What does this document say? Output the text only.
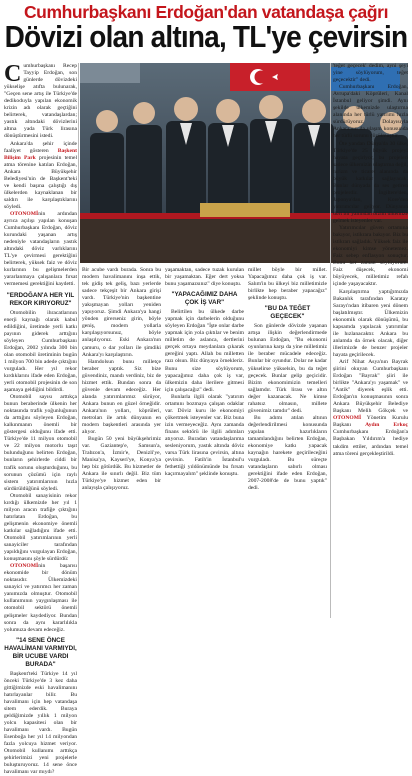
Cumhurbaşkanı Erdoğan'dan vatandaşa çağrı
Dövizi olan altına, TL'ye çevirsin

Cumhurbaşkanı Recep Tayyip Erdoğan, son günlerde dövizdeki yükselişe atıfta bulunarak, "Geçen sene artış ile Türkiye'de dedikoduyla yapılan ekonomik krizin adı olarak geçtiğini belirterek, vatandaşlardan; yastık altındaki dövizlerini altına yada Türk lirasına dönüştürmesini istedi.

Ankara'da şehir içinde faaliyet gösteren Başkent Bilişim Park projesinin temel atma törenine katılan Erdoğan, Ankara Büyükşehir Belediyesi'nin de Başkent'teki ve kendi başına çalıştığı dış ülkelerden kaynaklanan bir saldırı ile karşılaştıklarını söyledi.

OTONOMİnin ardından ayrıca açılışı yapılan konuşan Cumhurbaşkanı Erdoğan, döviz kurundaki yaşanan artış nedeniyle vatandaşların yastık altındaki döviz varlıklarını TL'ye çevirmesi gerektiğini belirterek, yüksek faiz ve döviz kurlarının bu gelişmelerden yararlanmaya çalışanlara fırsat vermemesi gerektiğini kaydetti.

"ERDOĞAN'A HER YIL REKOR KIRIYORUZ"

Otomobilin ihracatlarının enerji kaynağı olarak kabul edildiğini, üretimde yerli katkı payının giderek arttığını söyleyen Cumhurbaşkanı Erdoğan, 2002 yılında 300 bin olan otomobil üretiminin bugün 1 milyon 700 bin adede çıktığını vurguladı. Her yıl rekor kırdıklarını ifade eden Erdoğan, yerli otomobil projesinin de son aşamaya geldiğini bildirdi.

Otomobil sayısı arttıkça bunun beraberinde ülkenin her noktasında trafik yoğunluğunun da arttığını söyleyen Erdoğan, kalkınmanın önemli bir göstergesi olduğunu ifade etti. Türkiye'de 11 milyon otomobil ve 22 milyon motorlu taşıt bulunduğunu belirten Erdoğan, bunların şehirlerde ciddi bir trafik sorunu oluşturduğunu, bu sorunun çözümü için raylı sistem yatırımlarının hızla sürdürüldüğünü söyledi.

Otomobil sanayisinin rekor kırdığı ülkemizde her yıl 1 milyon aracın trafiğe çıktığını hatırlatan Erdoğan, bu gelişmenin ekonomiye önemli katkılar sağladığını ifade etti. Otomobil yatırımlarının yerli sanayiciler tarafından yapıldığını vurgulayan Erdoğan, konuşmasını şöyle sürdürdü:

OTONOMİnin başarısı ekonomide bir dönüm noktasıdır. Ülkemizdeki sanayici ve yatırımcı her zaman yanımızda olmuştur. Otomobil kullanımının yaygınlaşması ile otomobil sektörü önemli gelişmeler kaydediyor. Bundan sonra da aynı kararlılıkla yolumuza devam edeceğiz.

"14 SENE ÖNCE HAVALİMANI VARMIYDI, BİR UCUBE VARDI BURADA"

Başkent'teki Türkiye 14 yıl önceki Türkiye'de 3 kez daha gittiğimizde eski havalimanını hatırlayanlar bilir. Bu havalimanı için hep vatandaşa sitem ederdik. Buraya geldiğimizde yıllık 1 milyon yolcu kapasitesi olan bir havalimanı vardı. Bugün Esenboğa her yıl 14 milyondan fazla yolcuya hizmet veriyor. Otomobil kullanımı arttıkça şehirlerimizi yeni projelerle buluşturuyoruz. 14 sene önce havalimanı var mıydı?

Bir acube vardı burada. Sonra bu modern havalimanını inşa ettik, tek gidiş tek geliş, bazı yerlerde sadece tekçeşit bir Ankara girişi vardı. Türkiye'nin başkentine yakışmayan yolları yeniden yapıyoruz. Şimdi Ankara'ya hangi yönden girerseniz girin, böyle geniş, modern yollarla karşılaşıyorsunuz, böyle anlaşılıyoruz. Eski Ankara'nın çamuru, o dar yolları ile şimdiki Ankara'yı karşılaştırın.

Hamdolsun bunu milletçe beraber yaptık. Siz bize güvendiniz, mandı verdiniz, biz de hizmet ettik. Bundan sonra da güvenle devam edeceğiz. Her alanda yatırımlarımız sürüyor, Ankara bunun en güzel örneğidir. Ankara'nın yolları, köprüleri, metroları ile artık dünyanın en modern başkentleri arasında yer alıyor.

Bugün 50 yeni büyükşehrimiz var. Gaziantep'e, Samsun'a, Trabzon'a, İzmir'e, Denizli'ye, Manisa'ya, Kayseri'ye, Konya'ya hep biz götürdük. Bu hizmetler de Ankara ile sınırlı değil. Biz tüm Türkiye'ye hizmet eden bir anlayışla çalışıyoruz.

yaşamaktan, sadece tuzak kurulan bir yaşamaktan. Eğer dert yoksa bunu yaşamazsınız" diye konuştu.

"YAPACAĞIMIZ DAHA ÇOK İŞ VAR"

Belirtilen bu ülkede darbe yapmak için darbelerin olduğunu söyleyen Erdoğan "İşte onlar darbe yapmak için yola çıktılar ve benim milletim de aslanca, dertlerini gerçek ortaya meydanlara çıkarak gereğini yaptı. Allah bu milletten razı olsun. Biz dünyaya örnekleriz. Bunu size söylüyorum, yapacağımız daha çok iş var, ülkemizin daha ilerilere gitmesi için çalışacağız" dedi.

Bunlarla ilgili olarak "yatırım ortamını bozmaya çalışan odaklar var. Döviz kuru ile ekonomiyi çökertmek isteyenler var. Biz buna izin vermeyeceğiz. Aynı zamanda finans sektörü ile ilgili adımları atıyoruz. Buradan vatandaşlarıma sesleniyorum, yastık altında döviz varsa Türk lirasına çevirsin, altına çevirsin. Fatih'in İstanbul'u fethettiği yıldönümünde bu fırsatı kaçırmayalım" şeklinde konuştu.

millet böyle bir millet. Yapacağımız daha çok iş var. Salım'in bu ülkeyi biz milletimizle birlikte hep beraber yapacağız" şeklinde konuştu.

"BU DA TEĞET GEÇECEK"

Son günlerde dövizde yaşanan artışa ilişkin değerlendirmede bulunan Erdoğan, "Bu ekonomi oyunlarına karşı da yine milletimiz ile beraber mücadele edeceğiz. Bunlar bir oyundur. Dolar ne kadar yükselirse yükselsin, bu da teğet geçecek. Bunlar gelip geçicidir. Bizim ekonomimizin temelleri sağlamdır. Türk lirası ve altın değer kazanacak. Ne kimse rahatsız olmasın, millete güvenimiz tamdır" dedi.

Bu adımı atılan altının değerlendirilmesi konusunda yapılan hazırlıkların tamamlandığını belirten Erdoğan, ekonomiye katkı yapacak kaynağın harekete geçirileceğini vurguladı. Bu süreçte vatandaşların sabırlı olması gerektiğini ifade eden Erdoğan, 2007-2008'de de bunu yaptık" dedi.

'teğet geçecek' dedim, ayni şeyi yine söylüyorum, teğet geçecektir" dedi.

Cumhurbaşkanı Erdoğan, Avrupa'daki Köprüleri, Kanal İstanbul geliyor şimdi. Aynı şekilde ülkemizde ulaştırma alanında her türlü yatırımı hızla sürdürüyoruz. Dolayısıyla Ankara'nın da ulaşım konusunda her türlü sorunu çözülmüştür.

Öte yandan Dünya'da 30 ülke, Türkiye'de 25 büyük projeyi hayata geçiriyor, bu projeleri sadece ülkemizin ulaştırma değil, turizm ve ticaret alanında da büyük katkılar sağlayacak. Bunlar dünyada da ses getiren projelerdir. İngiltere'den, Japonya'dan, Kore'den yatırımcılar geliyor. Dünyanın dört bir yanından bizim ülkemize gelmek isteyenler var.

Yatırımcılar güven ortamına bakıyor, istikrara bakıyor. Biz bu istikrarı sağladık. Yüksek faiz ile ekonomiyi kimse yönetemez. Faiz sebep enflasyon sonuçtur. Bunu her zaman söylüyorum. Faiz düşecek, ekonomi büyüyecek, milletimiz refah içinde yaşayacaktır.

Karşılaştırma yaptığımızda Bakanlık tarafından Karatay Sarayı'ndan itibaren yeni dönem başlatılmıştır. Ülkemizin ekonomik olarak dönüşümü, bu kapsamda yapılacak yatırımlar ile hızlanacaktır. Ankara bu anlamda da örnek olacak, diğer illerimizde de benzer projeler hayata geçirilecek.

Arif Nihat Asya'nın Bayrak şiirini okuyan Cumhurbaşkanı Erdoğan "Bayrak" şiiri ile birlikte "Ankara'yı yaşamak" ve "Antik" diyerek eşlik etti. Erdoğan'ın konuşmasının sonra Ankara Büyükşehir Belediye Başkanı Melih Gökçek ve OTONOMİ Yönetim Kurulu Başkanı	Aydın Erkoç Cumhurbaşkanı Erdoğan'a Başbakan Yıldırım'a hediye takdim ettiler, ardından temel atma töreni gerçekleştirildi.
